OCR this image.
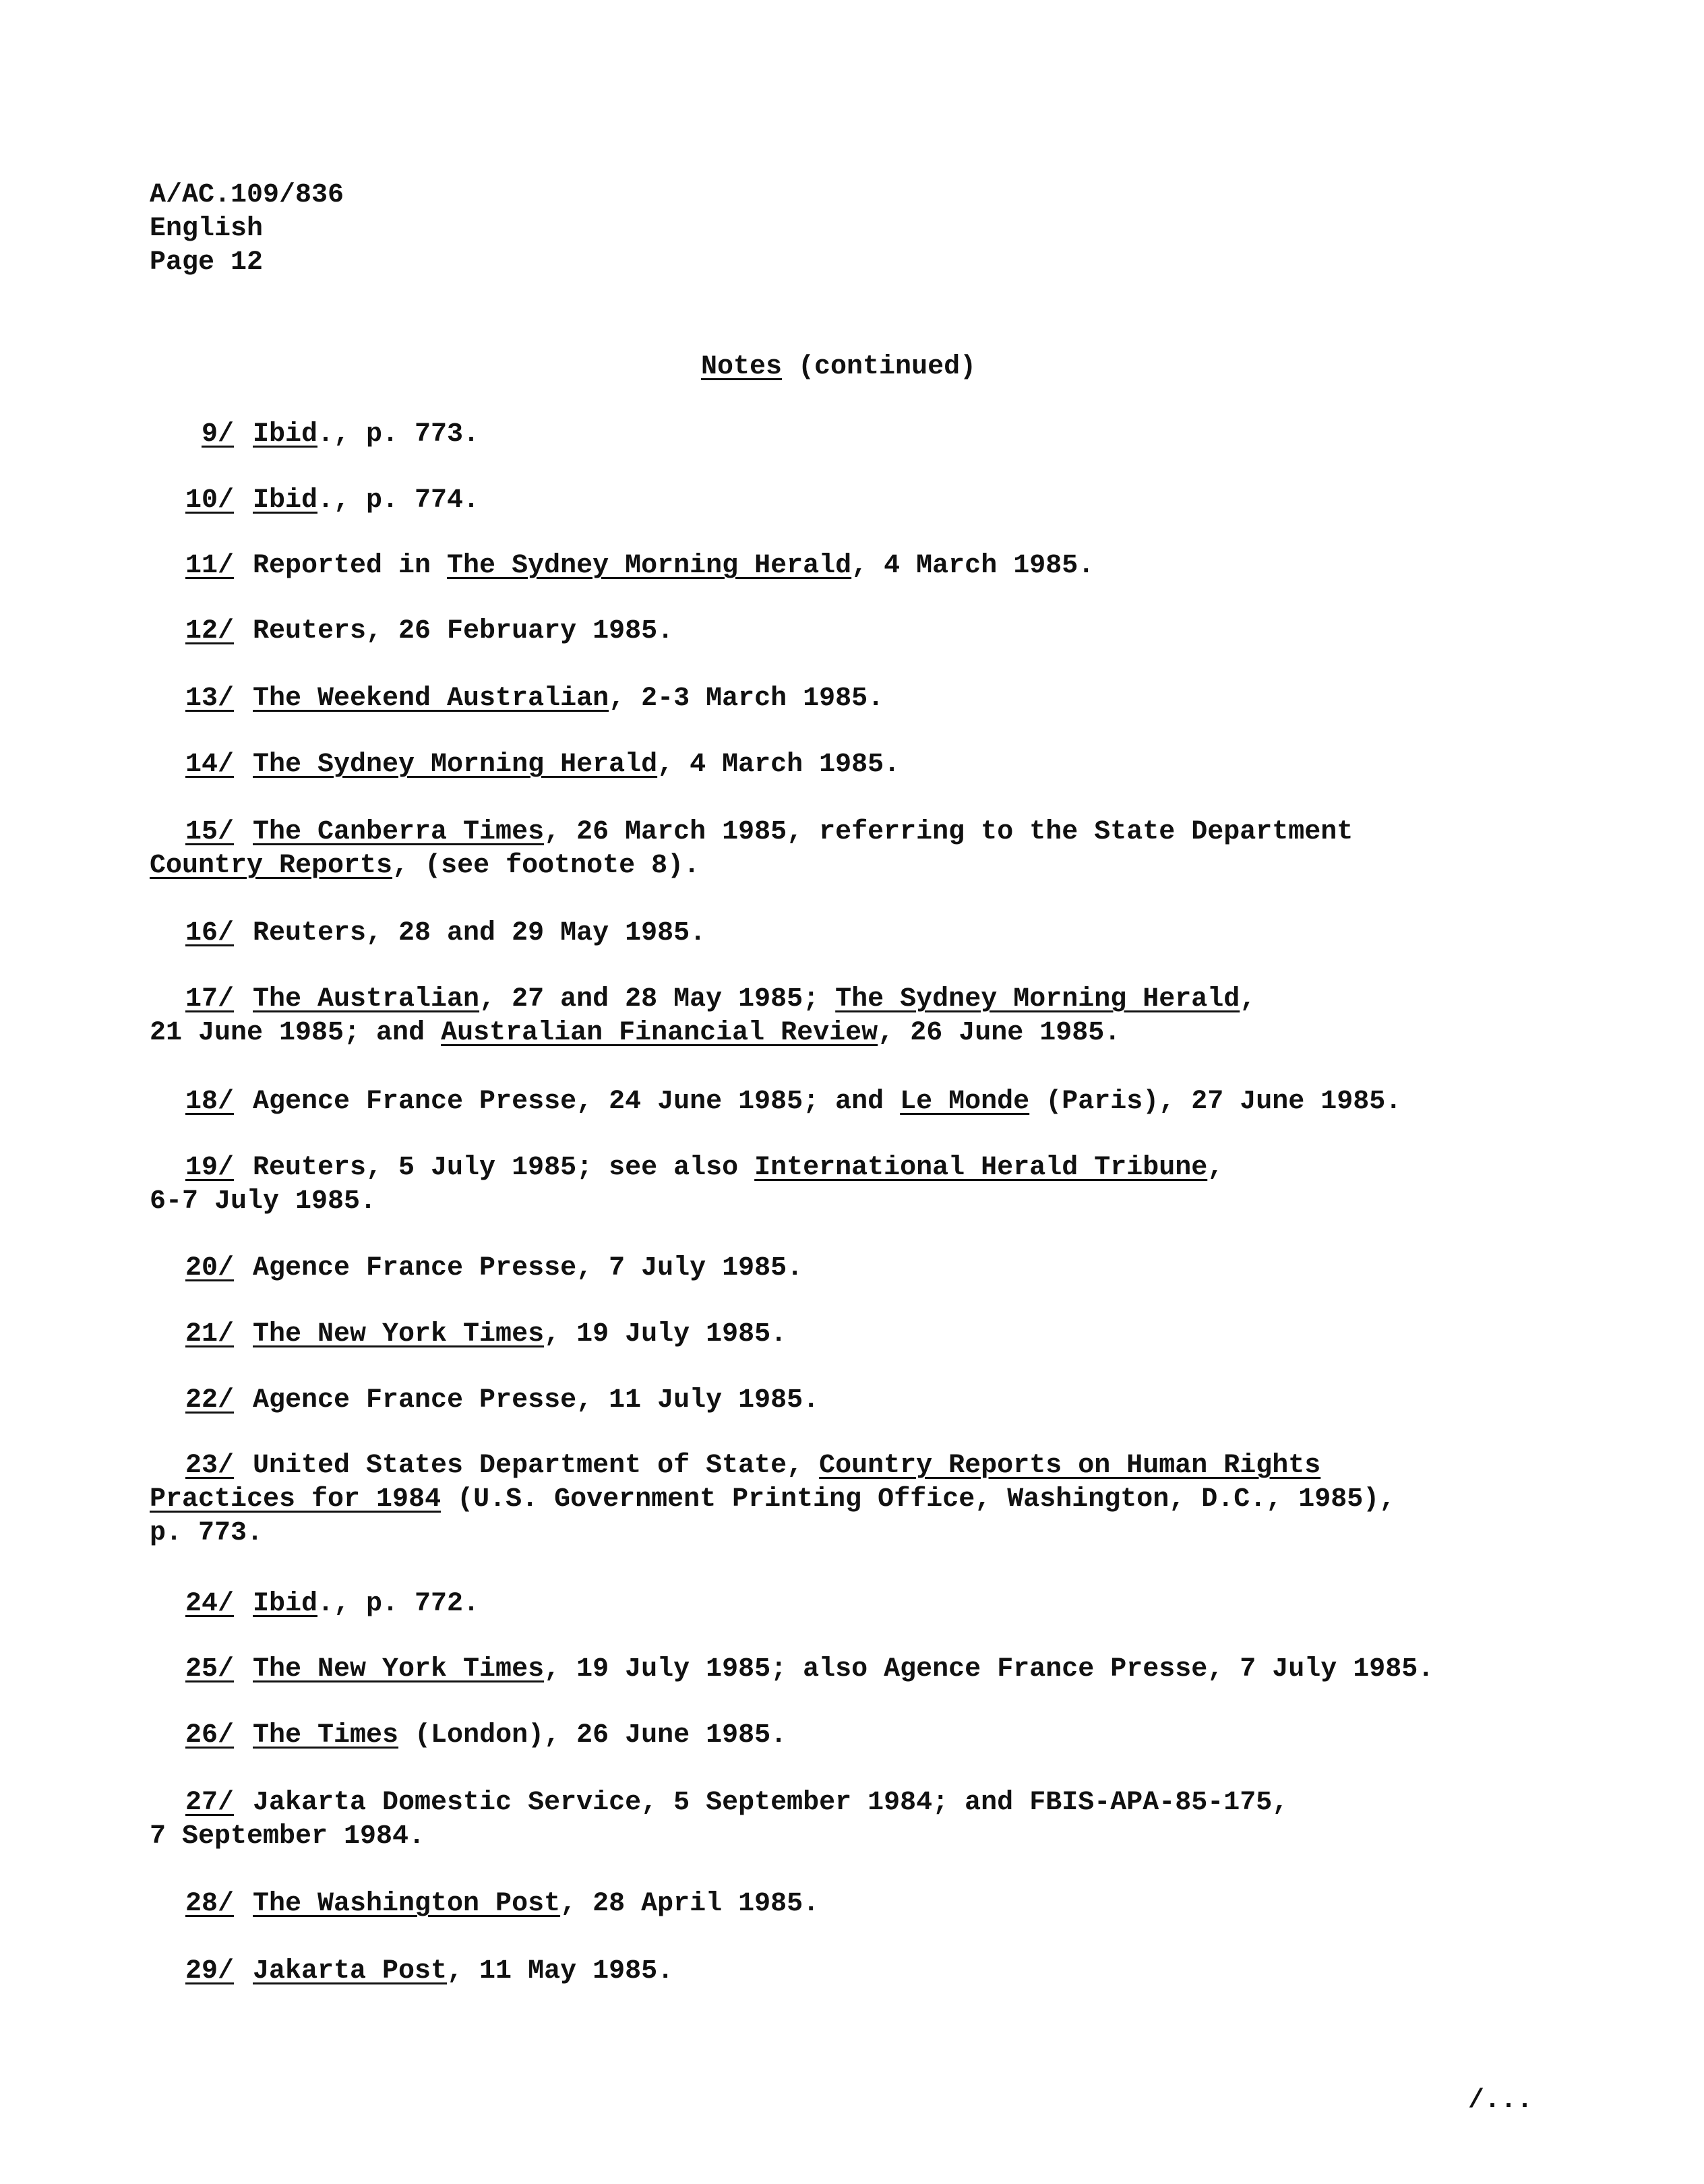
A/AC.109/836
English
Page 12
Notes (continued)
9/ Ibid., p. 773.
10/ Ibid., p. 774.
11/ Reported in The Sydney Morning Herald, 4 March 1985.
12/ Reuters, 26 February 1985.
13/ The Weekend Australian, 2-3 March 1985.
14/ The Sydney Morning Herald, 4 March 1985.
15/ The Canberra Times, 26 March 1985, referring to the State Department
Country Reports, (see footnote 8).
16/ Reuters, 28 and 29 May 1985.
17/ The Australian, 27 and 28 May 1985; The Sydney Morning Herald,
21 June 1985; and Australian Financial Review, 26 June 1985.
18/ Agence France Presse, 24 June 1985; and Le Monde (Paris), 27 June 1985.
19/ Reuters, 5 July 1985; see also International Herald Tribune,
6-7 July 1985.
20/ Agence France Presse, 7 July 1985.
21/ The New York Times, 19 July 1985.
22/ Agence France Presse, 11 July 1985.
23/ United States Department of State, Country Reports on Human Rights
Practices for 1984 (U.S. Government Printing Office, Washington, D.C., 1985),
p. 773.
24/ Ibid., p. 772.
25/ The New York Times, 19 July 1985; also Agence France Presse, 7 July 1985.
26/ The Times (London), 26 June 1985.
27/ Jakarta Domestic Service, 5 September 1984; and FBIS-APA-85-175,
7 September 1984.
28/ The Washington Post, 28 April 1985.
29/ Jakarta Post, 11 May 1985.
/...
